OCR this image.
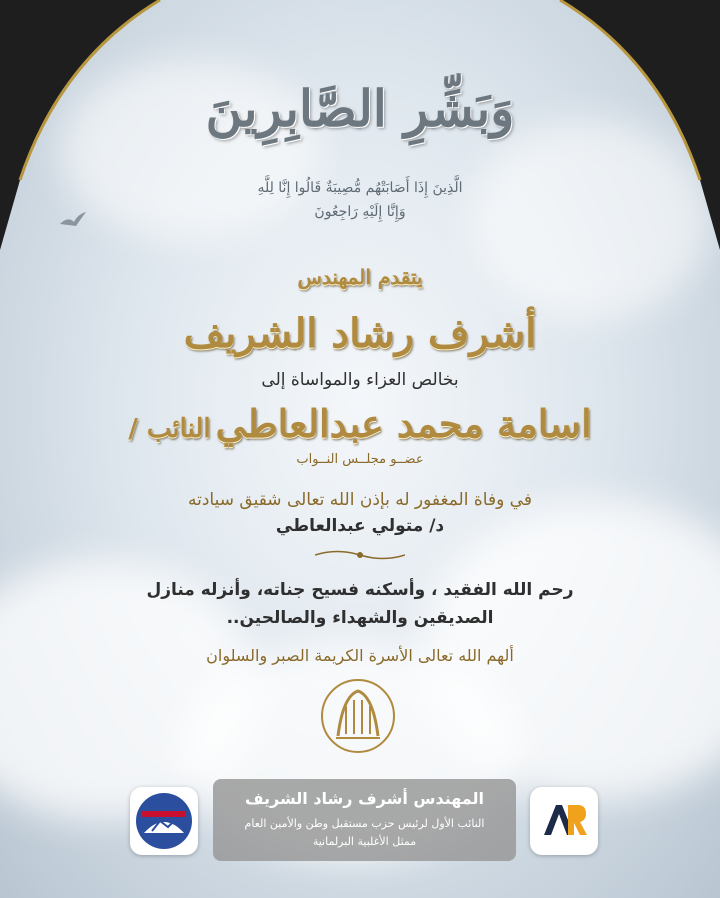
وَبَشِّرِ الصَّابِرِينَ
الَّذِينَ إِذَا أَصَابَتْهُم مُّصِيبَةٌ قَالُوا إِنَّا لِلَّهِ
وَإِنَّا إِلَيْهِ رَاجِعُونَ
يتقدم المهندس
أشرف رشاد الشريف
بخالص العزاء والمواساة إلى
اسامة محمد عبدالعاطي النائب /
عضــو مجلــس النــواب
في وفاة المغفور له بإذن الله تعالى شقيق سيادته
د/ متولي عبدالعاطي
رحم الله الفقيد ، وأسكنه فسيح جناته، وأنزله منازل
الصديقين والشهداء والصالحين..
ألهم الله تعالى الأسرة الكريمة الصبر والسلوان
المهندس أشرف رشاد الشريف
النائب الأول لرئيس حزب مستقبل وطن والأمين العام
ممثل الأغلبية البرلمانية
